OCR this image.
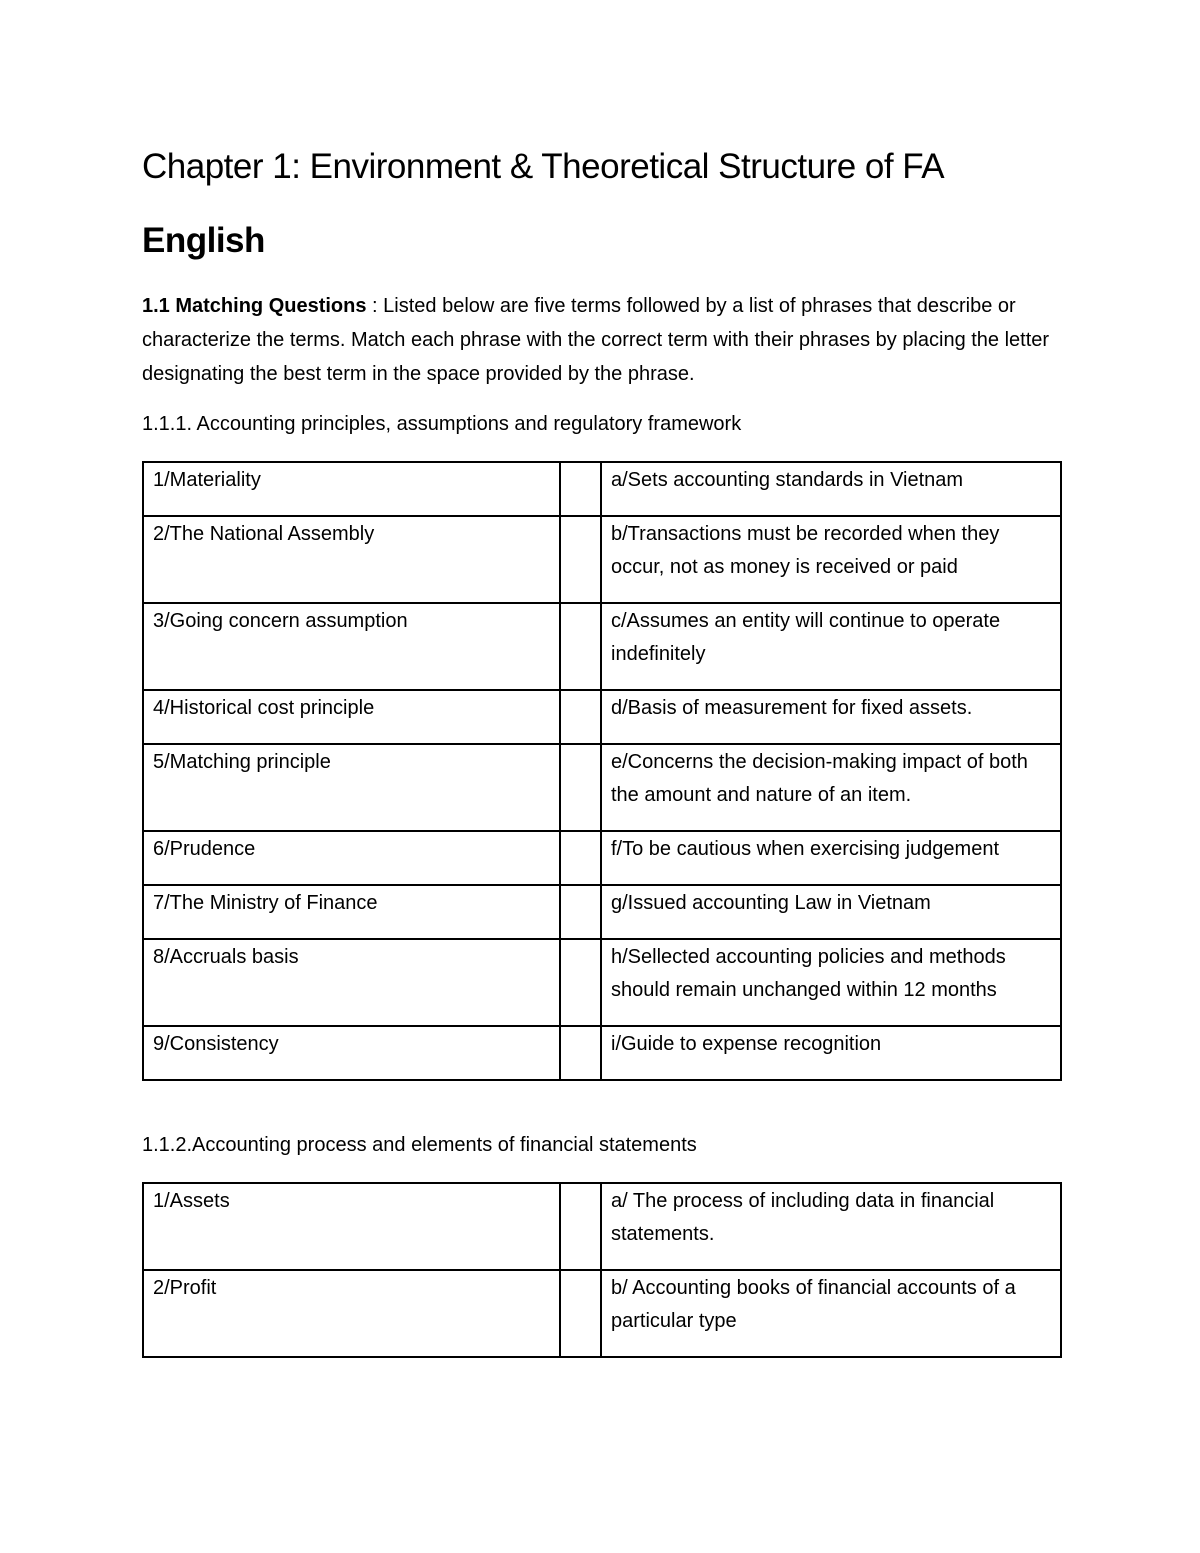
Chapter 1: Environment & Theoretical Structure of FA
English

1.1 Matching Questions : Listed below are five terms followed by a list of phrases that describe or characterize the terms. Match each phrase with the correct term with their phrases by placing the letter designating the best term in the space provided by the phrase.

1.1.1. Accounting principles, assumptions and regulatory framework

1/Materiality		a/Sets accounting standards in Vietnam
2/The National Assembly		b/Transactions must be recorded when they occur, not as money is received or paid
3/Going concern assumption		c/Assumes an entity will continue to operate indefinitely
4/Historical cost principle		d/Basis of measurement for fixed assets.
5/Matching principle		e/Concerns the decision-making impact of both the amount and nature of an item.
6/Prudence		f/To be cautious when exercising judgement
7/The Ministry of Finance		g/Issued accounting Law in Vietnam
8/Accruals basis		h/Sellected accounting policies and methods should remain unchanged within 12 months
9/Consistency		i/Guide to expense recognition

1.1.2.Accounting process and elements of financial statements

1/Assets		a/ The process of including data in financial statements.
2/Profit		b/ Accounting books of financial accounts of a particular type
